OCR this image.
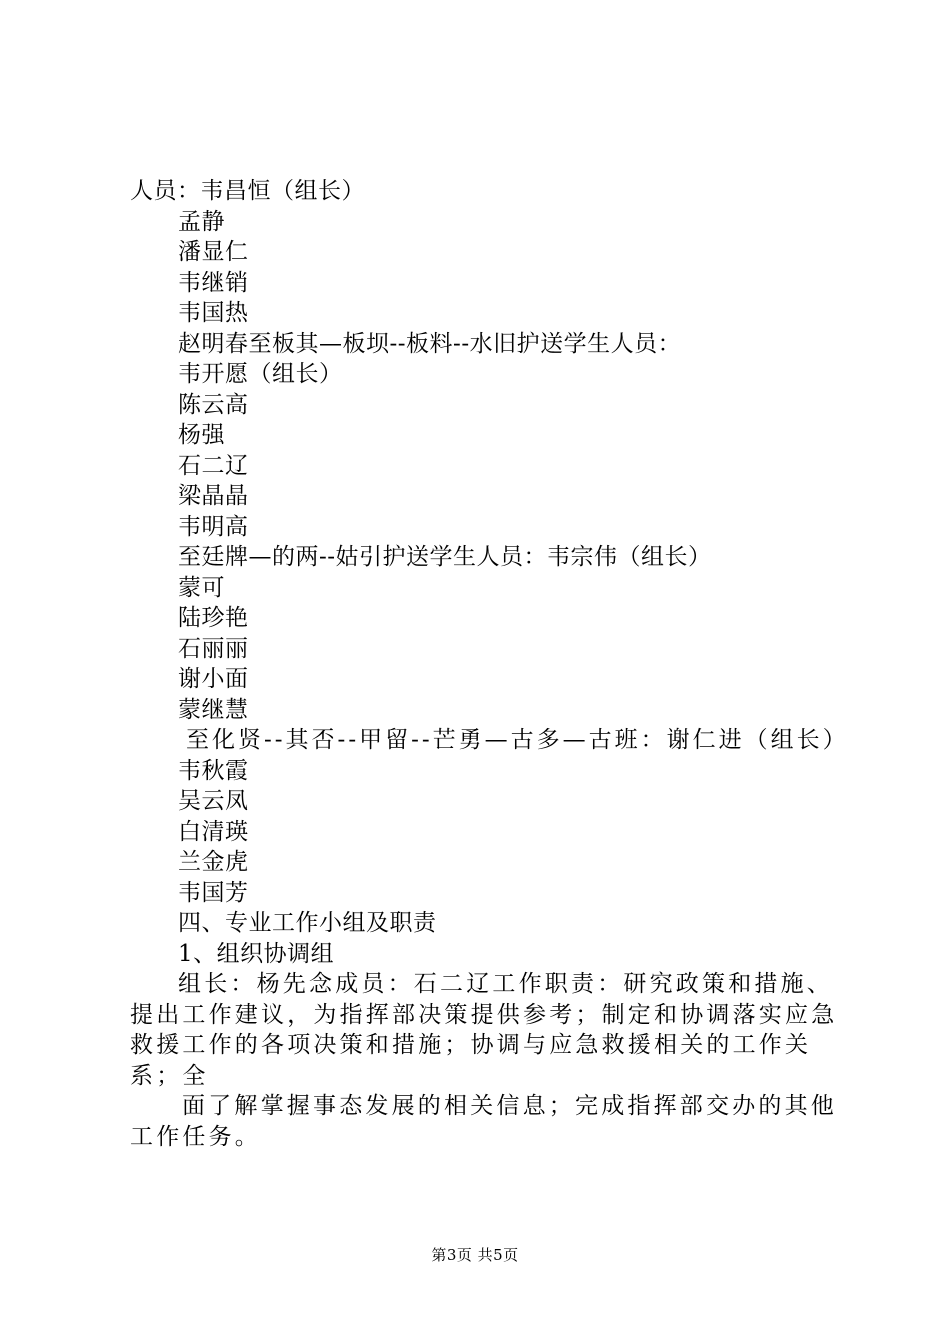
人员：韦昌恒（组长）
孟静
潘显仁
韦继销
韦国热
赵明春至板其—板坝--板料--水旧护送学生人员：
韦开愿（组长）
陈云高
杨强
石二辽
梁晶晶
韦明高
至廷牌—的两--姑引护送学生人员：韦宗伟（组长）
蒙可
陆珍艳
石丽丽
谢小面
蒙继慧
至化贤--其否--甲留--芒勇—古多—古班：谢仁进（组长）
韦秋霞
吴云凤
白清瑛
兰金虎
韦国芳
四、专业工作小组及职责
1、组织协调组
组长：杨先念成员：石二辽工作职责：研究政策和措施、提出工作建议，为指挥部决策提供参考；制定和协调落实应急救援工作的各项决策和措施；协调与应急救援相关的工作关系；全
面了解掌握事态发展的相关信息；完成指挥部交办的其他工作任务。
第3页 共5页
